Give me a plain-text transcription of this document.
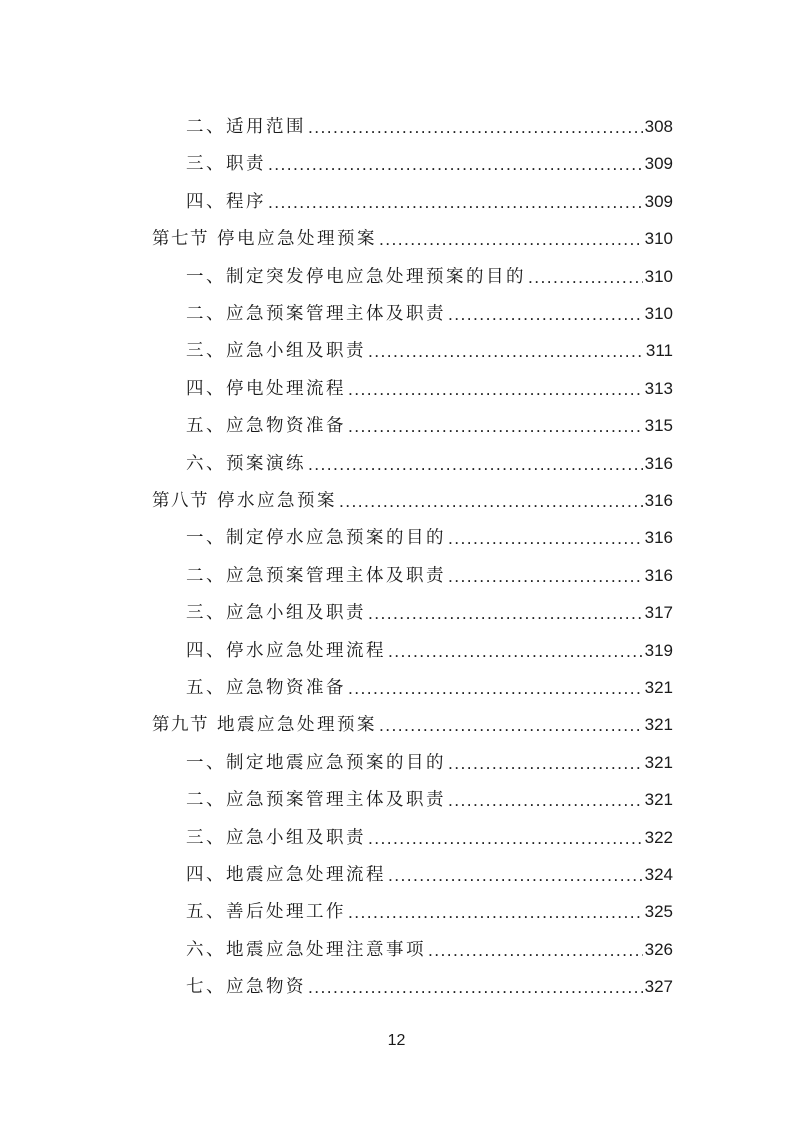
二、适用范围 .....	308
三、职责 .....	309
四、程序 .....	309
第七节 停电应急处理预案 .....	310
一、制定突发停电应急处理预案的目的 .....	310
二、应急预案管理主体及职责 .....	310
三、应急小组及职责 .....	311
四、停电处理流程 .....	313
五、应急物资准备 .....	315
六、预案演练 .....	316
第八节 停水应急预案 .....	316
一、制定停水应急预案的目的 .....	316
二、应急预案管理主体及职责 .....	316
三、应急小组及职责 .....	317
四、停水应急处理流程 .....	319
五、应急物资准备 .....	321
第九节 地震应急处理预案 .....	321
一、制定地震应急预案的目的 .....	321
二、应急预案管理主体及职责 .....	321
三、应急小组及职责 .....	322
四、地震应急处理流程 .....	324
五、善后处理工作 .....	325
六、地震应急处理注意事项 .....	326
七、应急物资 .....	327
12
